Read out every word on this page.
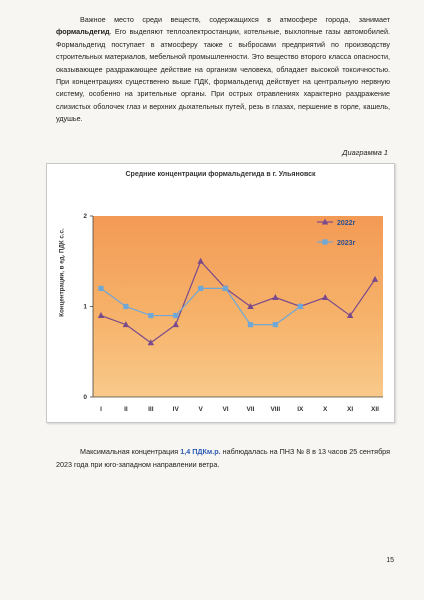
Важное место среди веществ, содержащихся в атмосфере города, занимает формальдегид. Его выделяют теплоэлектростанции, котельные, выхлопные газы автомобилей. Формальдегид поступает в атмосферу также с выбросами предприятий по производству строительных материалов, мебельной промышленности. Это вещество второго класса опасности, оказывающее раздражающее действие на организм человека, обладает высокой токсичностью. При концентрациях существенно выше ПДК, формальдегид действует на центральную нервную систему, особенно на зрительные органы. При острых отравлениях характерно раздражение слизистых оболочек глаз и верхних дыхательных путей, резь в глазах, першение в горле, кашель, удушье.
Диаграмма 1
Средние концентрации формальдегида в г. Ульяновск
Концентрации, в ед. ПДК с.с.
0
1
2
I	II	III	IV	V	VI	VII VIII	IX	X	XI	XII
2022г
2023г
Максимальная концентрация 1,4 ПДКм.р. наблюдалась на ПНЗ № 8 в 13 часов 25 сентября 2023 года при юго-западном направлении ветра.
15
